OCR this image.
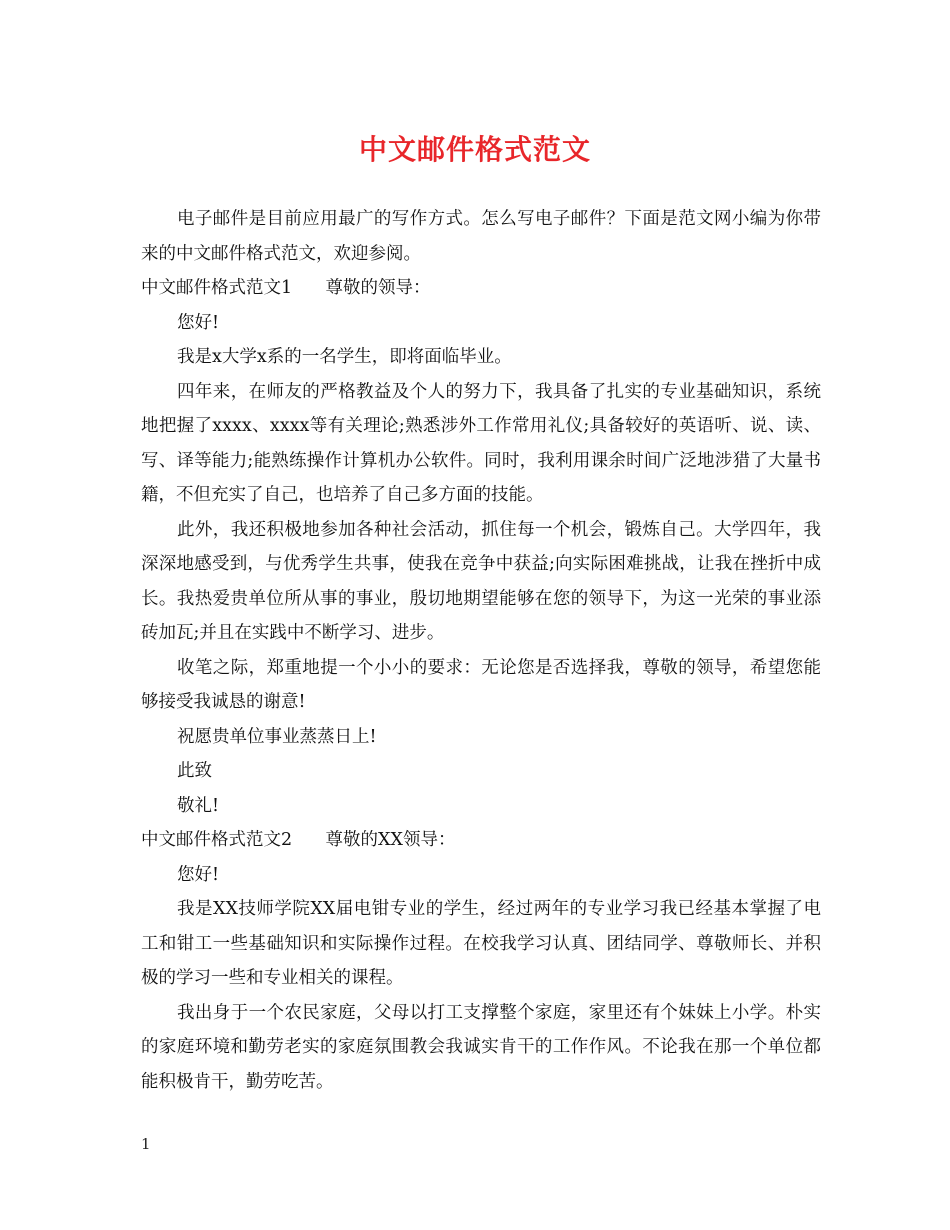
中文邮件格式范文

电子邮件是目前应用最广的写作方式。怎么写电子邮件？下面是范文网小编为你带来的中文邮件格式范文，欢迎参阅。

中文邮件格式范文1 尊敬的领导：

您好!

我是x大学x系的一名学生，即将面临毕业。

四年来，在师友的严格教益及个人的努力下，我具备了扎实的专业基础知识，系统地把握了xxxx、xxxx等有关理论;熟悉涉外工作常用礼仪;具备较好的英语听、说、读、写、译等能力;能熟练操作计算机办公软件。同时，我利用课余时间广泛地涉猎了大量书籍，不但充实了自己，也培养了自己多方面的技能。

此外，我还积极地参加各种社会活动，抓住每一个机会，锻炼自己。大学四年，我深深地感受到，与优秀学生共事，使我在竞争中获益;向实际困难挑战，让我在挫折中成长。我热爱贵单位所从事的事业，殷切地期望能够在您的领导下，为这一光荣的事业添砖加瓦;并且在实践中不断学习、进步。

收笔之际，郑重地提一个小小的要求：无论您是否选择我，尊敬的领导，希望您能够接受我诚恳的谢意!

祝愿贵单位事业蒸蒸日上!

此致

敬礼!

中文邮件格式范文2 尊敬的XX领导：

您好!

我是XX技师学院XX届电钳专业的学生，经过两年的专业学习我已经基本掌握了电工和钳工一些基础知识和实际操作过程。在校我学习认真、团结同学、尊敬师长、并积极的学习一些和专业相关的课程。

我出身于一个农民家庭，父母以打工支撑整个家庭，家里还有个妹妹上小学。朴实的家庭环境和勤劳老实的家庭氛围教会我诚实肯干的工作作风。不论我在那一个单位都能积极肯干，勤劳吃苦。

1
